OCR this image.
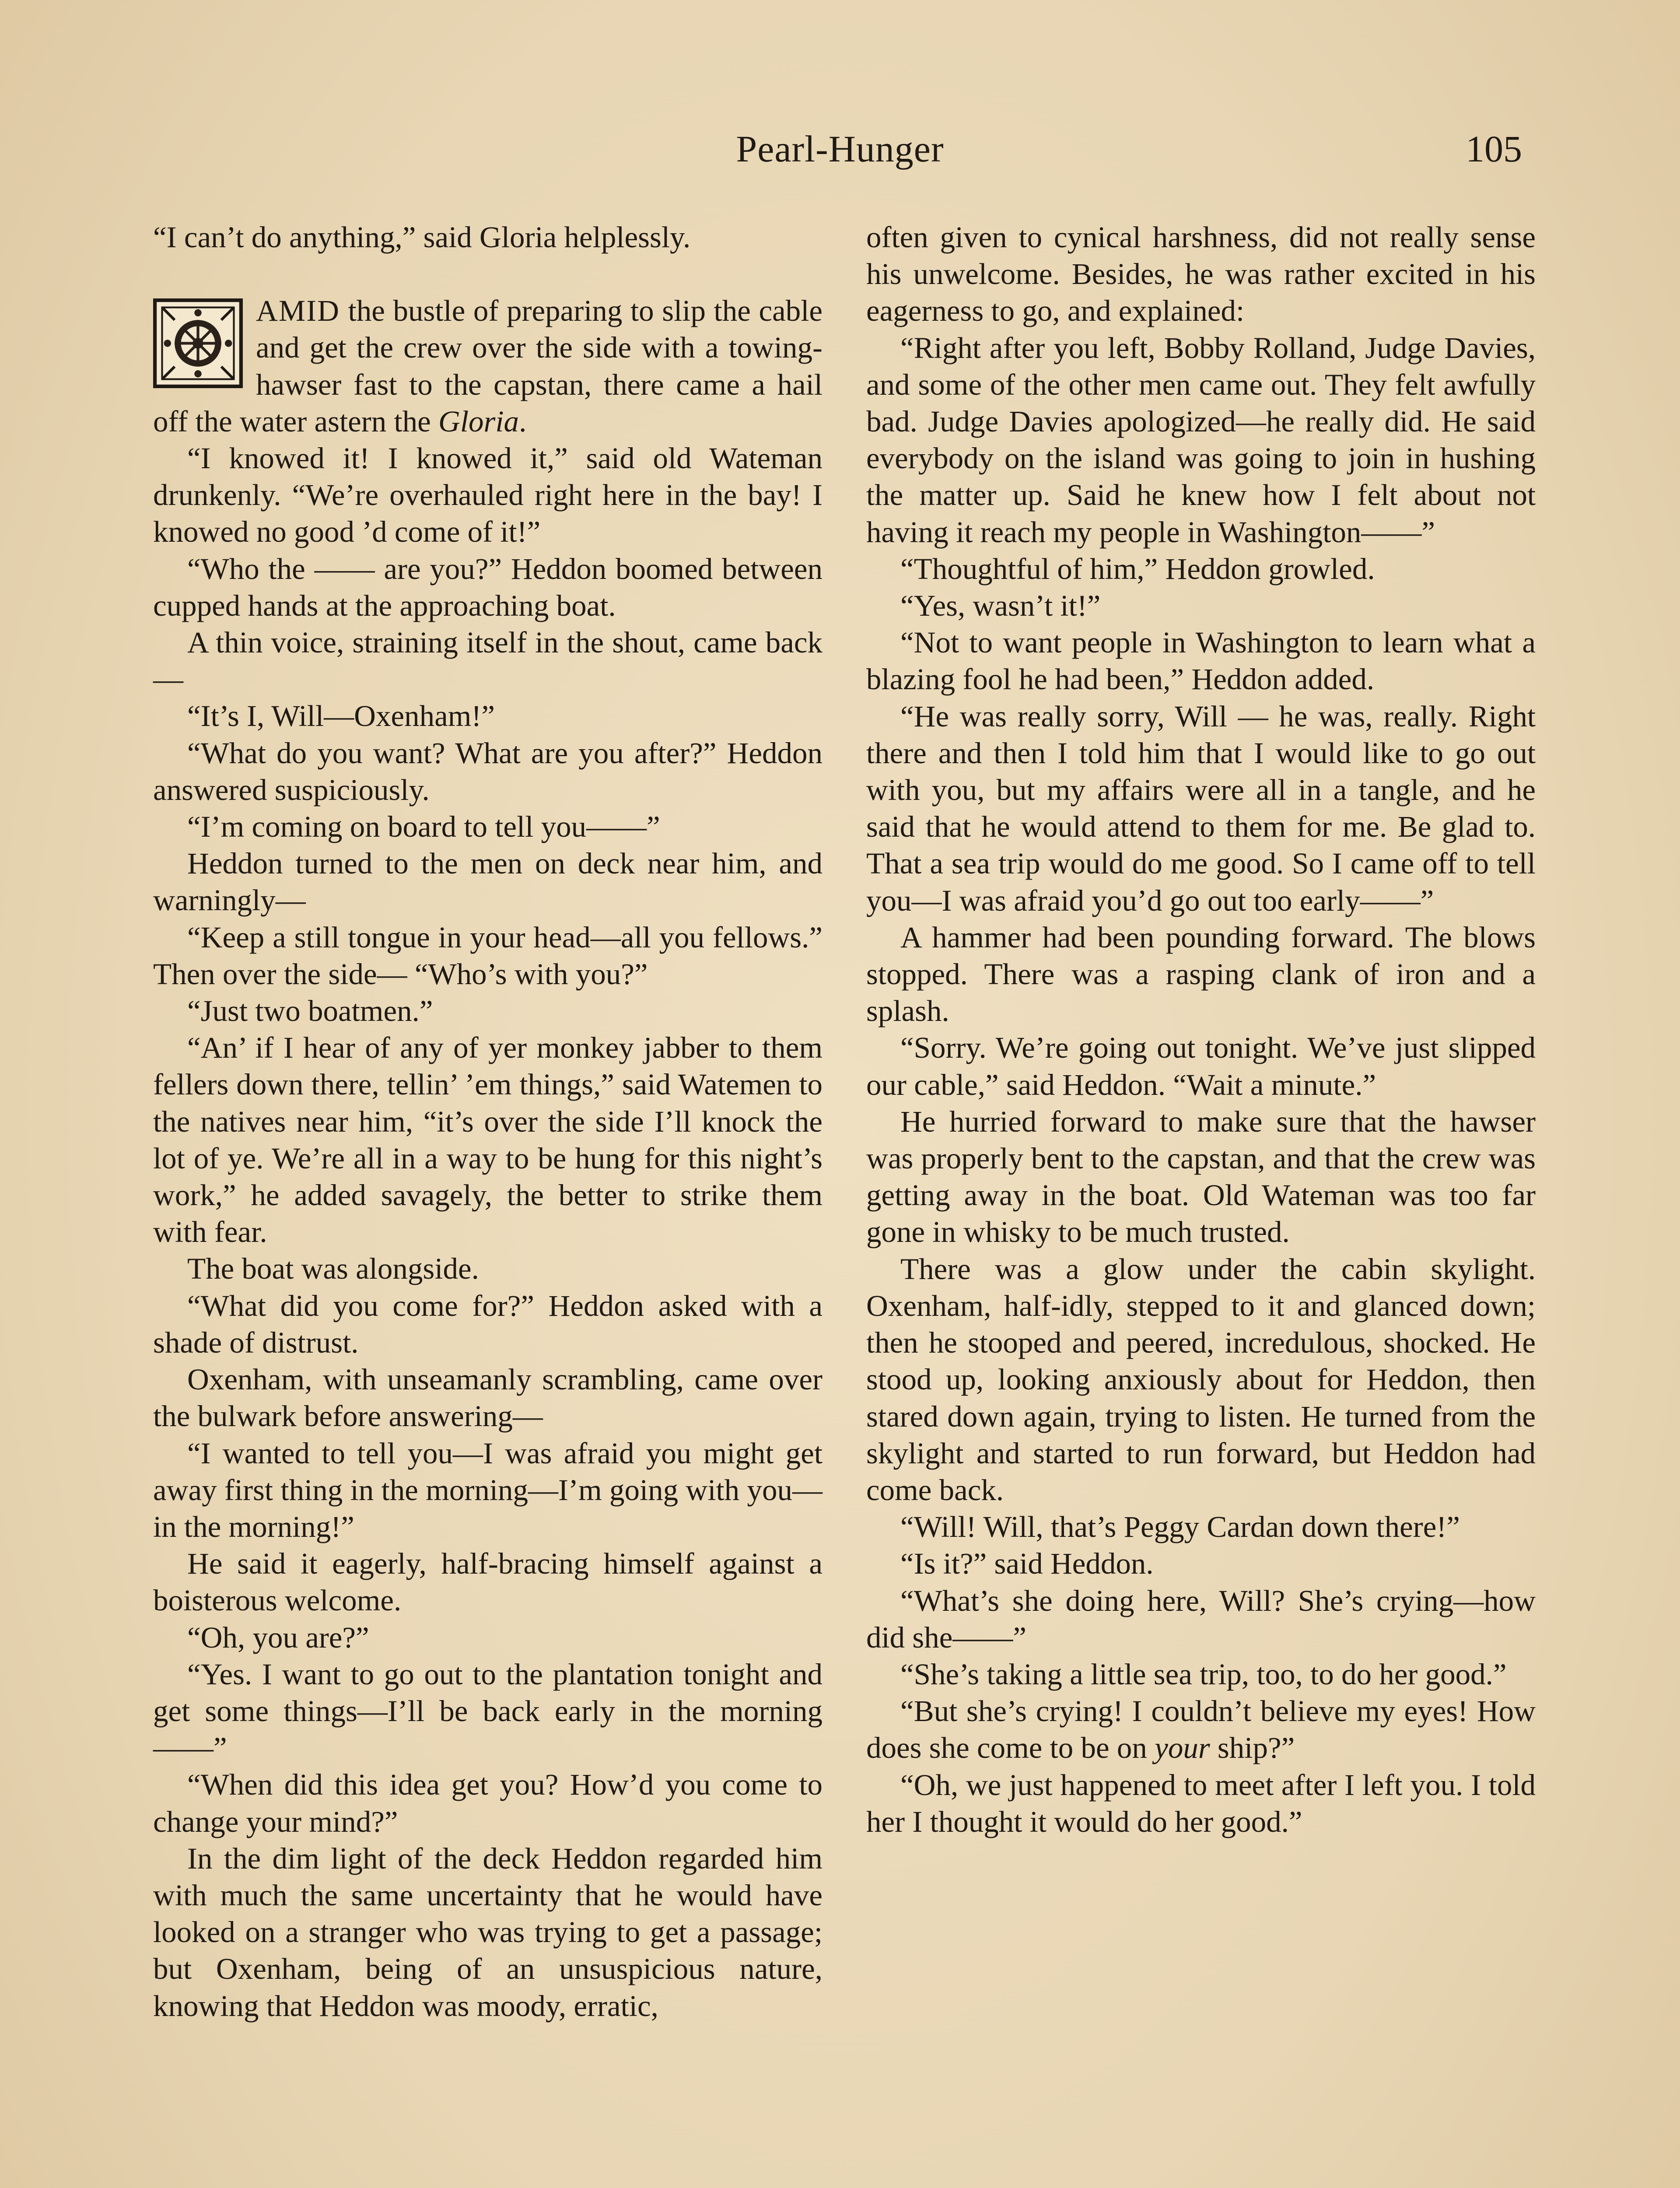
Pearl-Hunger	105

“I can’t do anything,” said Gloria helplessly.

AMID the bustle of preparing to slip the cable and get the crew over the side with a towing-hawser fast to the capstan, there came a hail off the water astern the Gloria.

“I knowed it! I knowed it,” said old Wateman drunkenly. “We’re overhauled right here in the bay! I knowed no good ’d come of it!”

“Who the —— are you?” Heddon boomed between cupped hands at the approaching boat.

A thin voice, straining itself in the shout, came back—

“It’s I, Will—Oxenham!”

“What do you want? What are you after?” Heddon answered suspiciously.

“I’m coming on board to tell you——”

Heddon turned to the men on deck near him, and warningly—

“Keep a still tongue in your head—all you fellows.” Then over the side— “Who’s with you?”

“Just two boatmen.”

“An’ if I hear of any of yer monkey jabber to them fellers down there, tellin’ ’em things,” said Watemen to the natives near him, “it’s over the side I’ll knock the lot of ye. We’re all in a way to be hung for this night’s work,” he added savagely, the better to strike them with fear.

The boat was alongside.

“What did you come for?” Heddon asked with a shade of distrust.

Oxenham, with unseamanly scrambling, came over the bulwark before answering—

“I wanted to tell you—I was afraid you might get away first thing in the morning—I’m going with you—in the morning!”

He said it eagerly, half-bracing himself against a boisterous welcome.

“Oh, you are?”

“Yes. I want to go out to the plantation tonight and get some things—I’ll be back early in the morning——”

“When did this idea get you? How’d you come to change your mind?”

In the dim light of the deck Heddon regarded him with much the same uncertainty that he would have looked on a stranger who was trying to get a passage; but Oxenham, being of an unsuspicious nature, knowing that Heddon was moody, erratic,

often given to cynical harshness, did not really sense his unwelcome. Besides, he was rather excited in his eagerness to go, and explained:

“Right after you left, Bobby Rolland, Judge Davies, and some of the other men came out. They felt awfully bad. Judge Davies apologized—he really did. He said everybody on the island was going to join in hushing the matter up. Said he knew how I felt about not having it reach my people in Washington——”

“Thoughtful of him,” Heddon growled.

“Yes, wasn’t it!”

“Not to want people in Washington to learn what a blazing fool he had been,” Heddon added.

“He was really sorry, Will — he was, really. Right there and then I told him that I would like to go out with you, but my affairs were all in a tangle, and he said that he would attend to them for me. Be glad to. That a sea trip would do me good. So I came off to tell you—I was afraid you’d go out too early——”

A hammer had been pounding forward. The blows stopped. There was a rasping clank of iron and a splash.

“Sorry. We’re going out tonight. We’ve just slipped our cable,” said Heddon. “Wait a minute.”

He hurried forward to make sure that the hawser was properly bent to the capstan, and that the crew was getting away in the boat. Old Wateman was too far gone in whisky to be much trusted.

There was a glow under the cabin skylight. Oxenham, half-idly, stepped to it and glanced down; then he stooped and peered, incredulous, shocked. He stood up, looking anxiously about for Heddon, then stared down again, trying to listen. He turned from the skylight and started to run forward, but Heddon had come back.

“Will! Will, that’s Peggy Cardan down there!”

“Is it?” said Heddon.

“What’s she doing here, Will? She’s crying—how did she——”

“She’s taking a little sea trip, too, to do her good.”

“But she’s crying! I couldn’t believe my eyes! How does she come to be on your ship?”

“Oh, we just happened to meet after I left you. I told her I thought it would do her good.”
